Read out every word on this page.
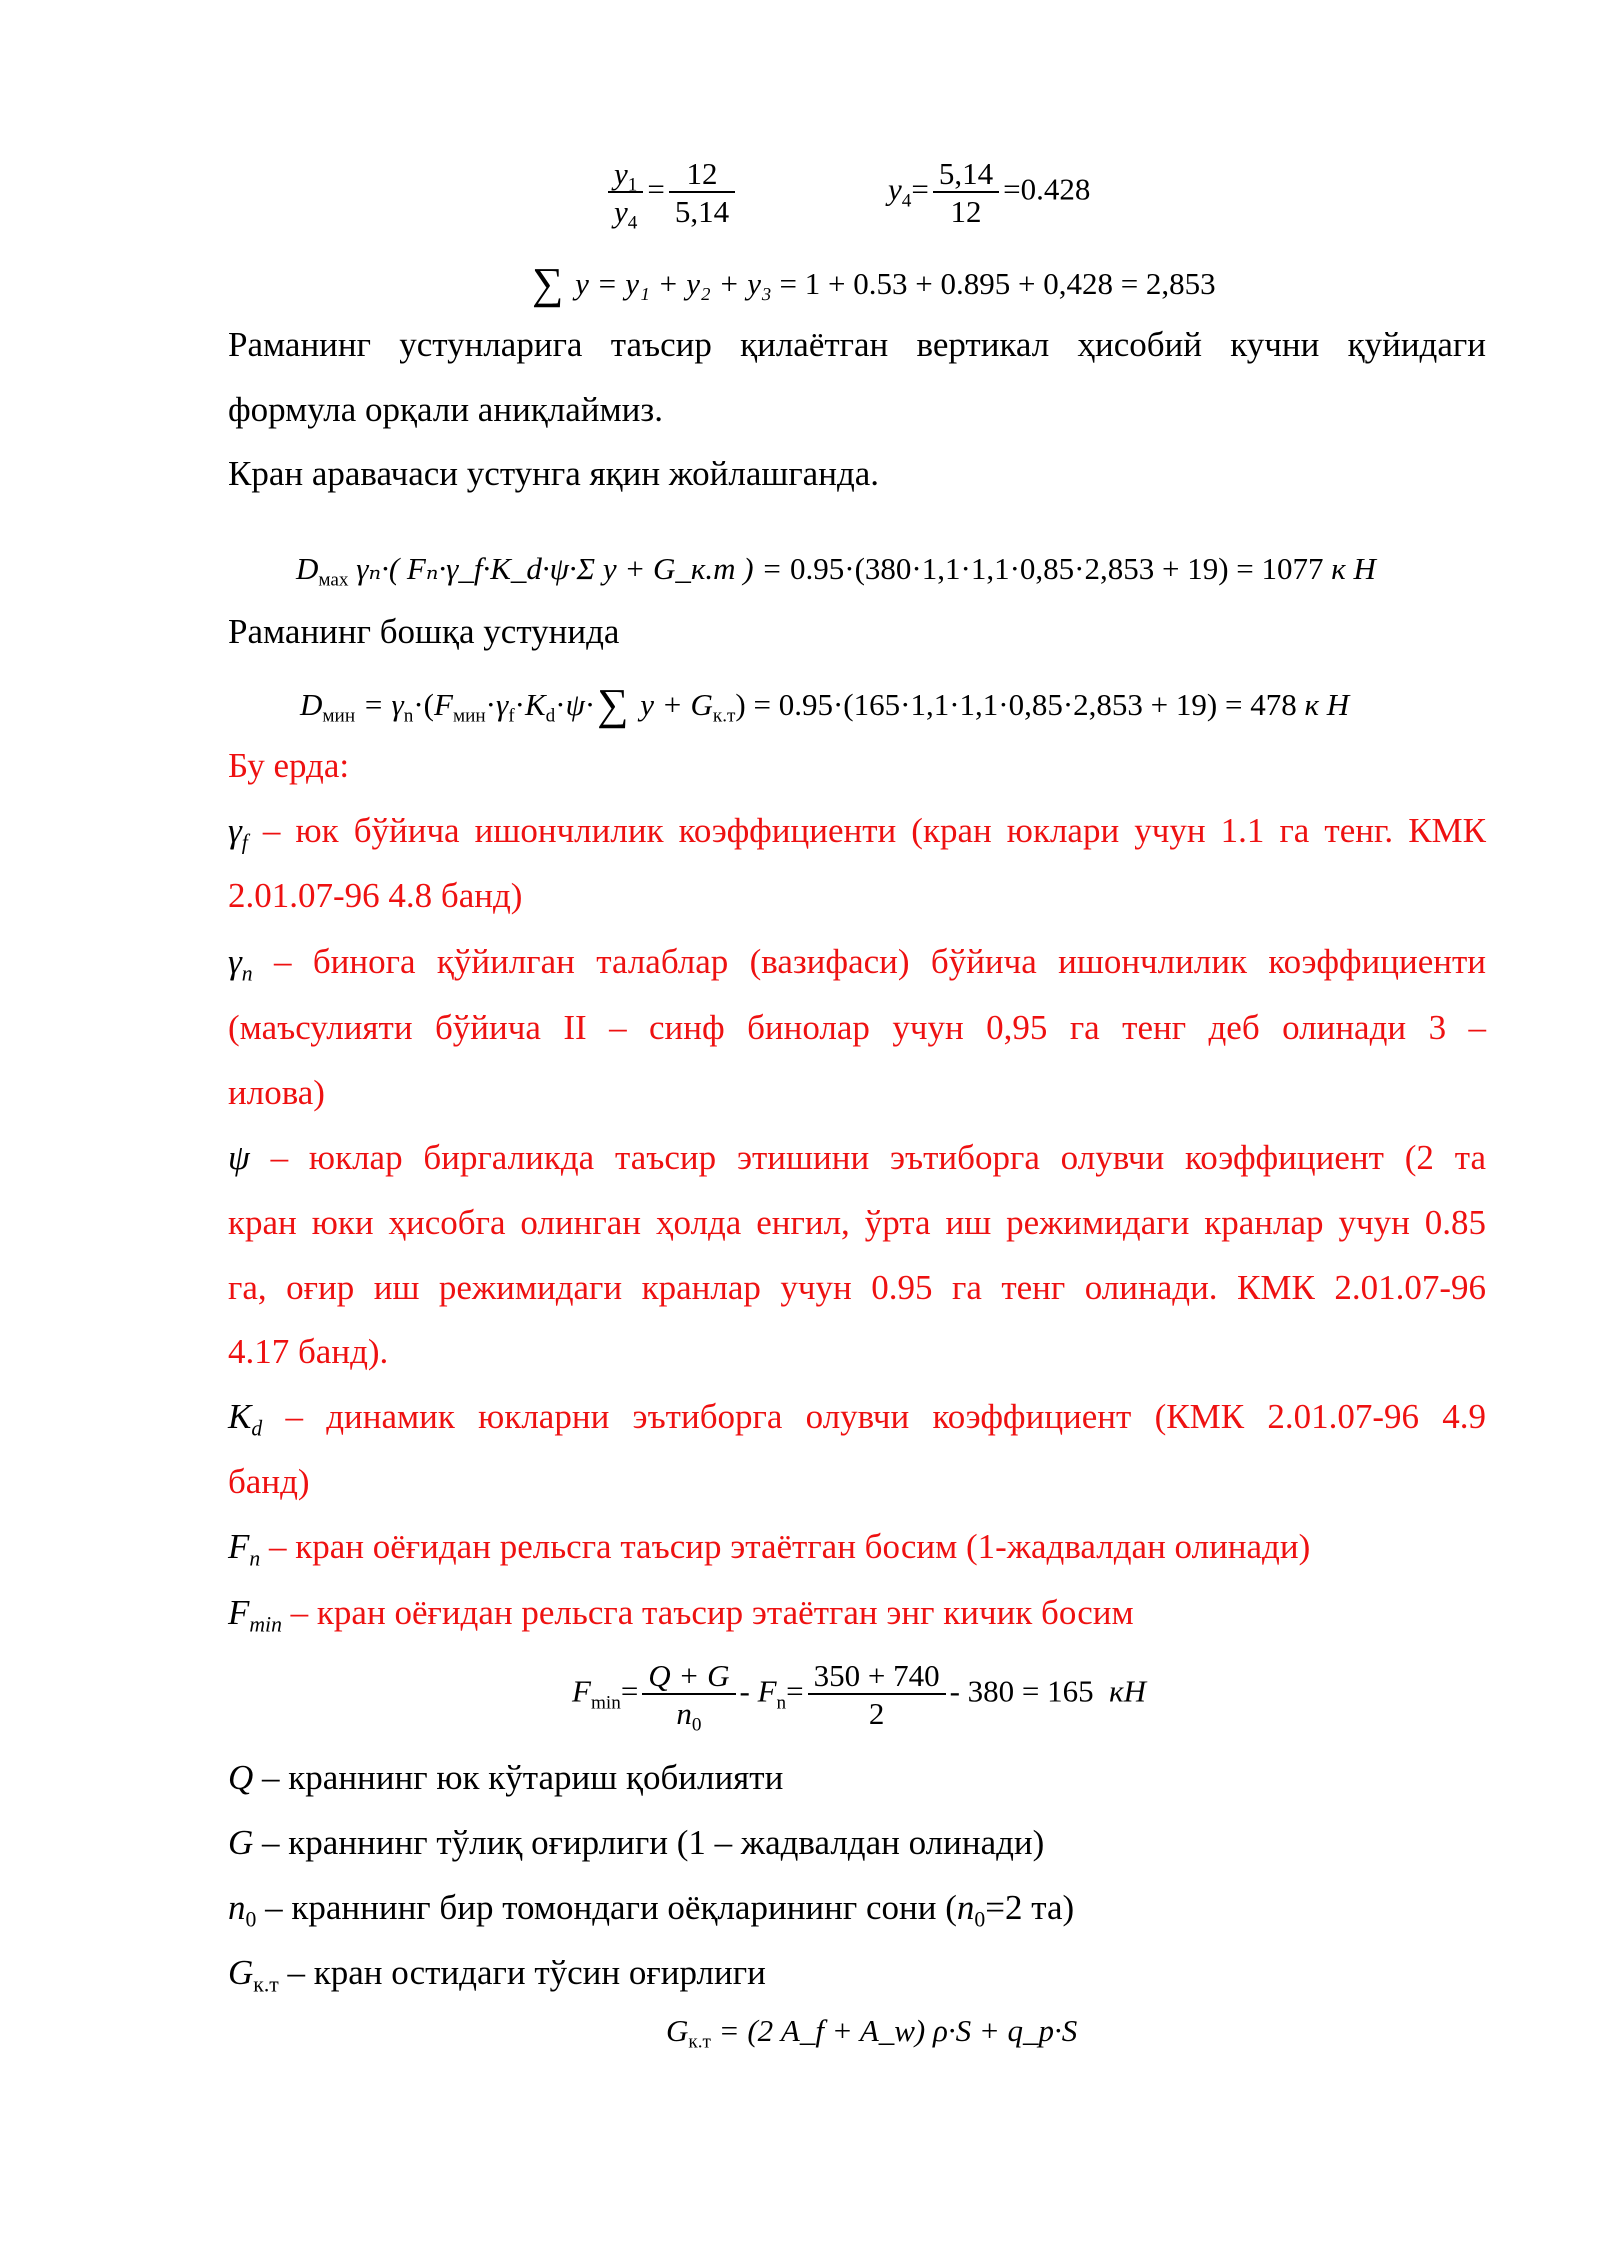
$\frac{y_1}{y_4} = \frac{12}{5,14}$	$y_4= \frac{5,14}{12} =0.428$
∑ y = y₁ + y₂ + y₃ = 1 + 0.53 + 0.895 + 0,428 = 2,853
Раманинг устунларига таъсир қилаётган вертикал ҳисобий кучни қуйидаги
формула орқали аниқлаймиз.
Кран аравачаси устунга яқин жойлашганда.
$D_{мах}$ γₙ·( Fₙ·γ_f·K_d·ψ·Σ y + G_к.т ) = 0.95·(380·1,1·1,1·0,85·2,853 + 19) = 1077 к Н
Раманинг бошқа устунида
$D_{мин} = \gamma_n\cdot(F_{мин}\cdot\gamma_f\cdot K_d\cdot\psi\cdot\sum$ $y + G_{к.т}) = 0.95\cdot(165\cdot 1,1\cdot 1,1\cdot 0,85\cdot 2,853 + 19) = 478$ к Н
Бу ерда:
$\gamma_f$ – юк бўйича ишончлилик коэффициенти (кран юклари учун 1.1 га тенг. КМК
2.01.07-96 4.8 банд)
$\gamma_n$ – бинога қўйилган талаблар (вазифаси) бўйича ишончлилик коэффициенти
(маъсулияти бўйича II – синф бинолар учун 0,95 га тенг деб олинади 3 –
илова)
ψ – юклар биргаликда таъсир этишини эътиборга олувчи коэффициент (2 та
кран юки ҳисобга олинган ҳолда енгил, ўрта иш режимидаги кранлар учун 0.85
га, оғир иш режимидаги кранлар учун 0.95 га тенг олинади. КМК 2.01.07-96
4.17 банд).
$K_d$ – динамик юкларни эътиборга олувчи коэффициент (КМК 2.01.07-96 4.9
банд)
$F_n$ – кран оёғидан рельсга таъсир этаётган босим (1-жадвалдан олинади)
$F_{min}$ – кран оёғидан рельсга таъсир этаётган энг кичик босим
$F_{min}= \frac{Q + G}{n_0} - F_n= \frac{350 + 740}{2} - 380 = 165$ кН
Q – краннинг юк кўтариш қобилияти
G – краннинг тўлиқ оғирлиги (1 – жадвалдан олинади)
$n_0$ – краннинг бир томондаги оёқларининг сони ($n_0=2$ та)
$G_{к.т}$ – кран остидаги тўсин оғирлиги
$G_{к.т} = (2$ A_f + A_w) ρ·S + q_p·S
